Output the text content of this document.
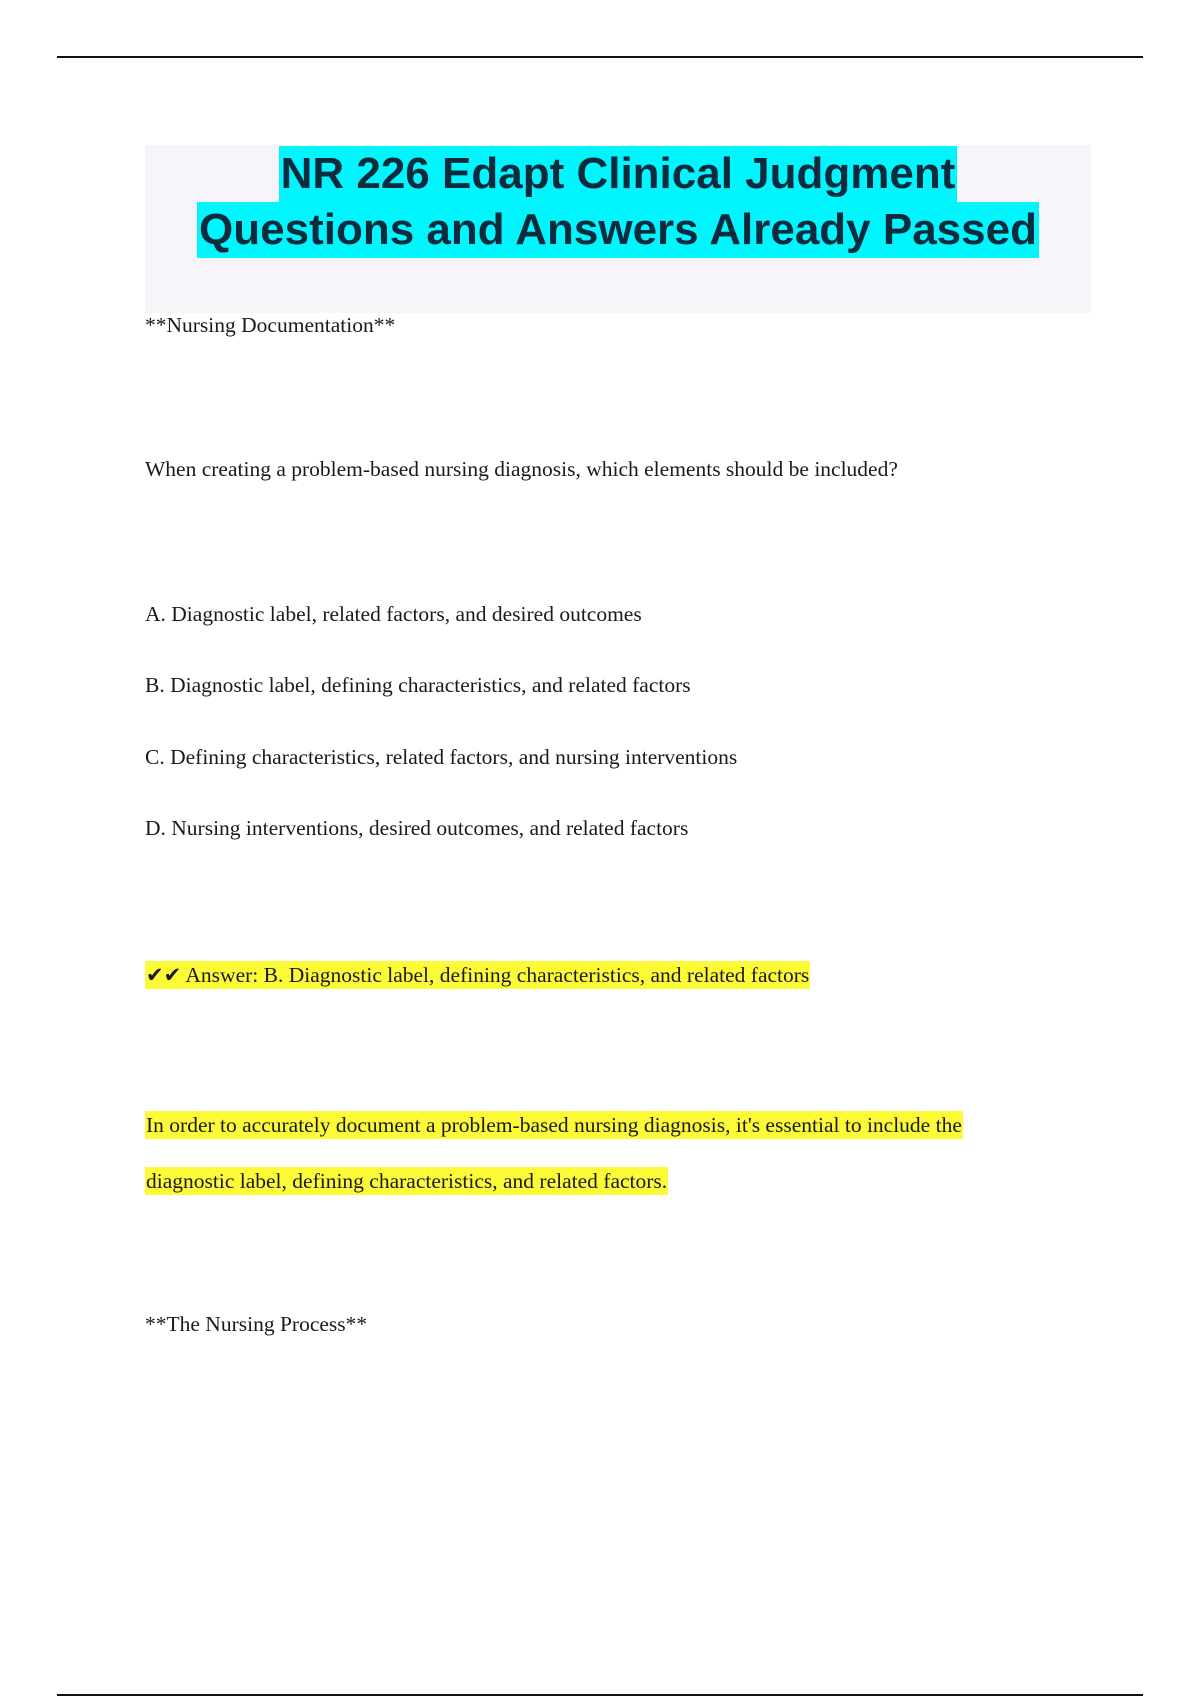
NR 226 Edapt Clinical Judgment
Questions and Answers Already Passed
**Nursing Documentation**
When creating a problem-based nursing diagnosis, which elements should be included?
A. Diagnostic label, related factors, and desired outcomes
B. Diagnostic label, defining characteristics, and related factors
C. Defining characteristics, related factors, and nursing interventions
D. Nursing interventions, desired outcomes, and related factors
✔✔ Answer: B. Diagnostic label, defining characteristics, and related factors
In order to accurately document a problem-based nursing diagnosis, it's essential to include the
diagnostic label, defining characteristics, and related factors.
**The Nursing Process**
